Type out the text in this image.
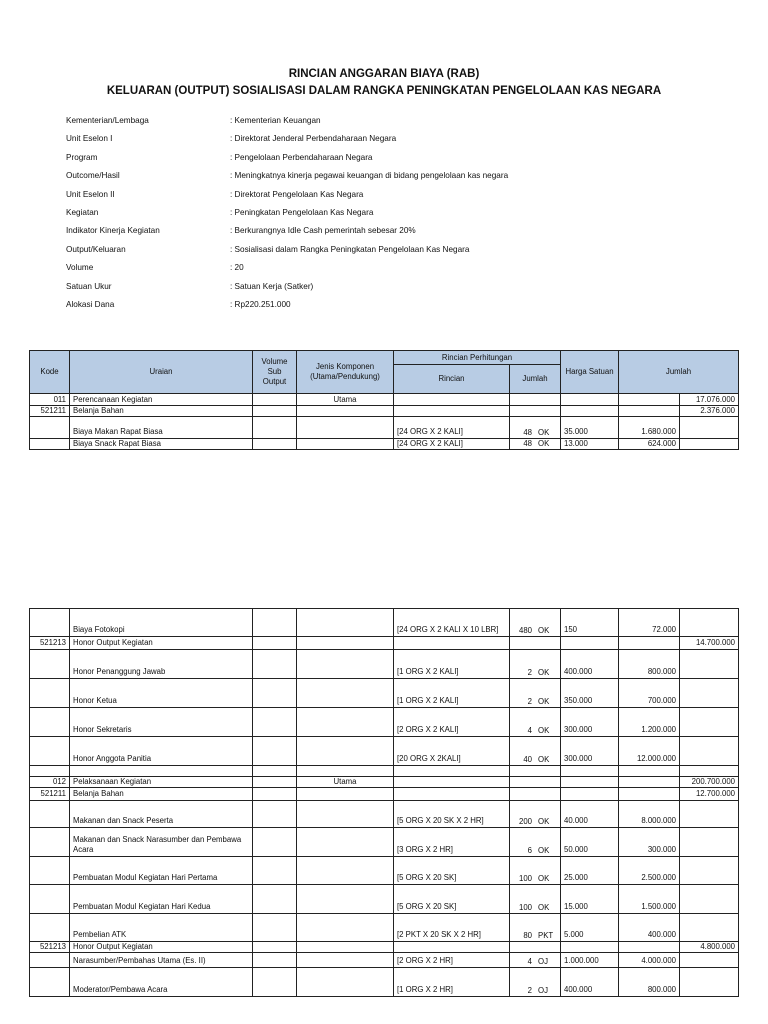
RINCIAN ANGGARAN BIAYA (RAB)
KELUARAN (OUTPUT) SOSIALISASI DALAM RANGKA PENINGKATAN PENGELOLAAN KAS NEGARA
Kementerian/Lembaga	: Kementerian Keuangan
Unit Eselon I	: Direktorat Jenderal Perbendaharaan Negara
Program	: Pengelolaan Perbendaharaan Negara
Outcome/Hasil	: Meningkatnya kinerja pegawai keuangan di bidang pengelolaan kas negara
Unit Eselon II	: Direktorat Pengelolaan Kas Negara
Kegiatan	: Peningkatan Pengelolaan Kas Negara
Indikator Kinerja Kegiatan	: Berkurangnya Idle Cash pemerintah sebesar 20%
Output/Keluaran	: Sosialisasi dalam Rangka Peningkatan Pengelolaan Kas Negara
Volume	: 20
Satuan Ukur	: Satuan Kerja (Satker)
Alokasi Dana	: Rp220.251.000
Kode	Uraian	Volume Sub Output	Jenis Komponen (Utama/Pendukung)	Rincian Perhitungan		Harga Satuan	Jumlah	
				Rincian	Jumlah			
011	Perencanaan Kegiatan		Utama					17.076.000
521211	Belanja Bahan							2.376.000
	Biaya Makan Rapat Biasa			[24 ORG X 2 KALI]	48 OK	35.000	1.680.000	
	Biaya Snack Rapat Biasa			[24 ORG X 2 KALI]	48 OK	13.000	624.000	
	Biaya Fotokopi			[24 ORG X 2 KALI X 10 LBR]	480 OK	150	72.000	
521213	Honor Output Kegiatan							14.700.000
	Honor Penanggung Jawab			[1 ORG X 2 KALI]	2 OK	400.000	800.000	
	Honor Ketua			[1 ORG X 2 KALI]	2 OK	350.000	700.000	
	Honor Sekretaris			[2 ORG X 2 KALI]	4 OK	300.000	1.200.000	
	Honor Anggota Panitia			[20 ORG X 2KALI]	40 OK	300.000	12.000.000	

012	Pelaksanaan Kegiatan		Utama					200.700.000
521211	Belanja Bahan							12.700.000
	Makanan dan Snack Peserta			[5 ORG X 20 SK X 2 HR]	200 OK	40.000	8.000.000	
	Makanan dan Snack Narasumber dan Pembawa Acara			[3 ORG X 2 HR]	6 OK	50.000	300.000	
	Pembuatan Modul Kegiatan Hari Pertama			[5 ORG X 20 SK]	100 OK	25.000	2.500.000	
	Pembuatan Modul Kegiatan Hari Kedua			[5 ORG X 20 SK]	100 OK	15.000	1.500.000	
	Pembelian ATK			[2 PKT X 20 SK X 2 HR]	80 PKT	5.000	400.000	
521213	Honor Output Kegiatan							4.800.000
	Narasumber/Pembahas Utama (Es. II)			[2 ORG X 2 HR]	4 OJ	1.000.000	4.000.000	
	Moderator/Pembawa Acara			[1 ORG X 2 HR]	2 OJ	400.000	800.000	
